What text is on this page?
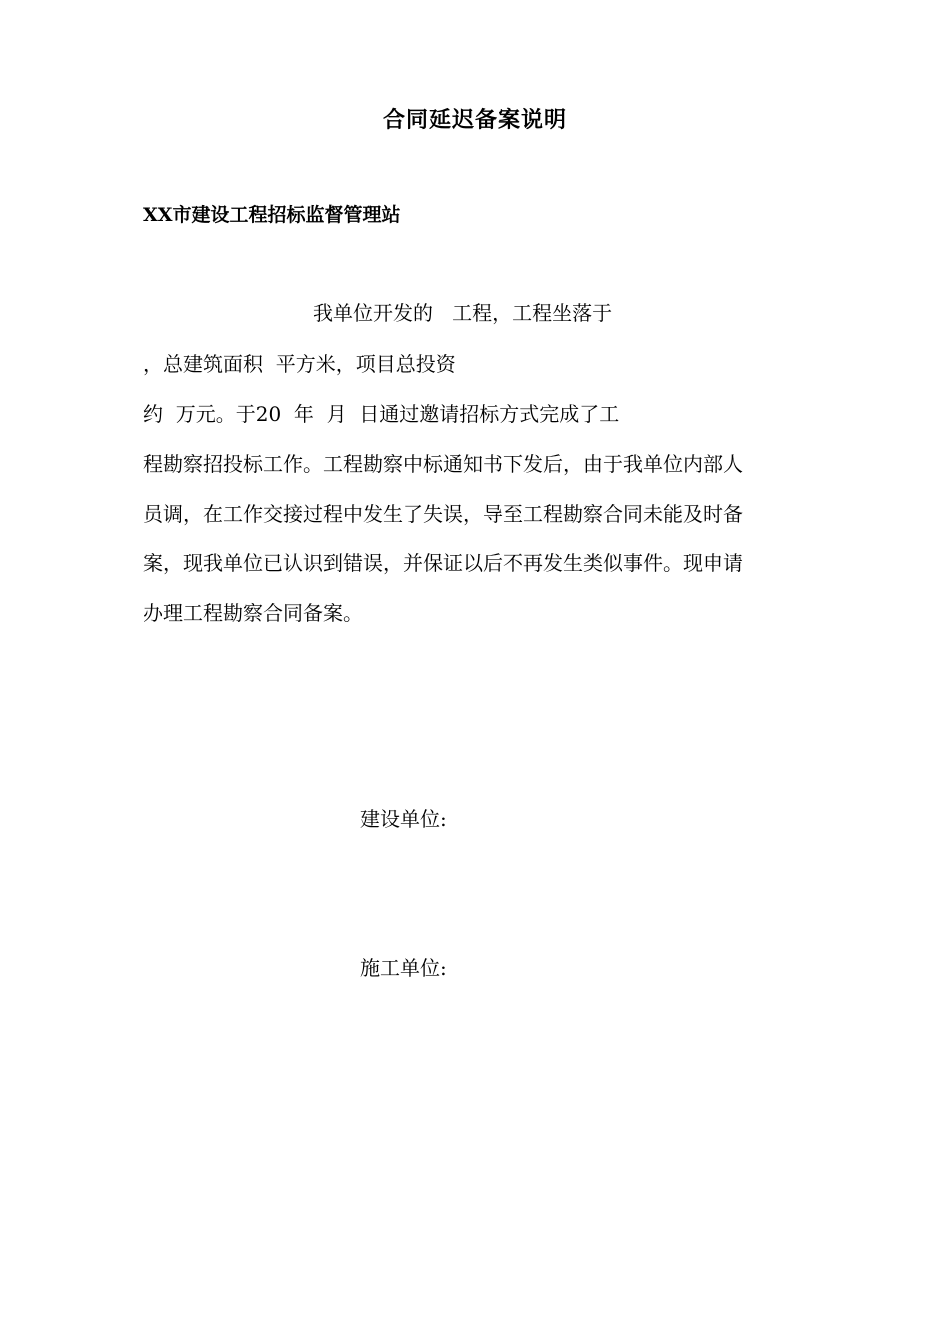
合同延迟备案说明
XX市建设工程招标监督管理站
我单位开发的   工程，工程坐落于
，总建筑面积  平方米，项目总投资
约  万元。于20  年  月  日通过邀请招标方式完成了工
程勘察招投标工作。工程勘察中标通知书下发后，由于我单位内部人
员调，在工作交接过程中发生了失误，导至工程勘察合同未能及时备
案，现我单位已认识到错误，并保证以后不再发生类似事件。现申请
办理工程勘察合同备案。
建设单位:
施工单位:
